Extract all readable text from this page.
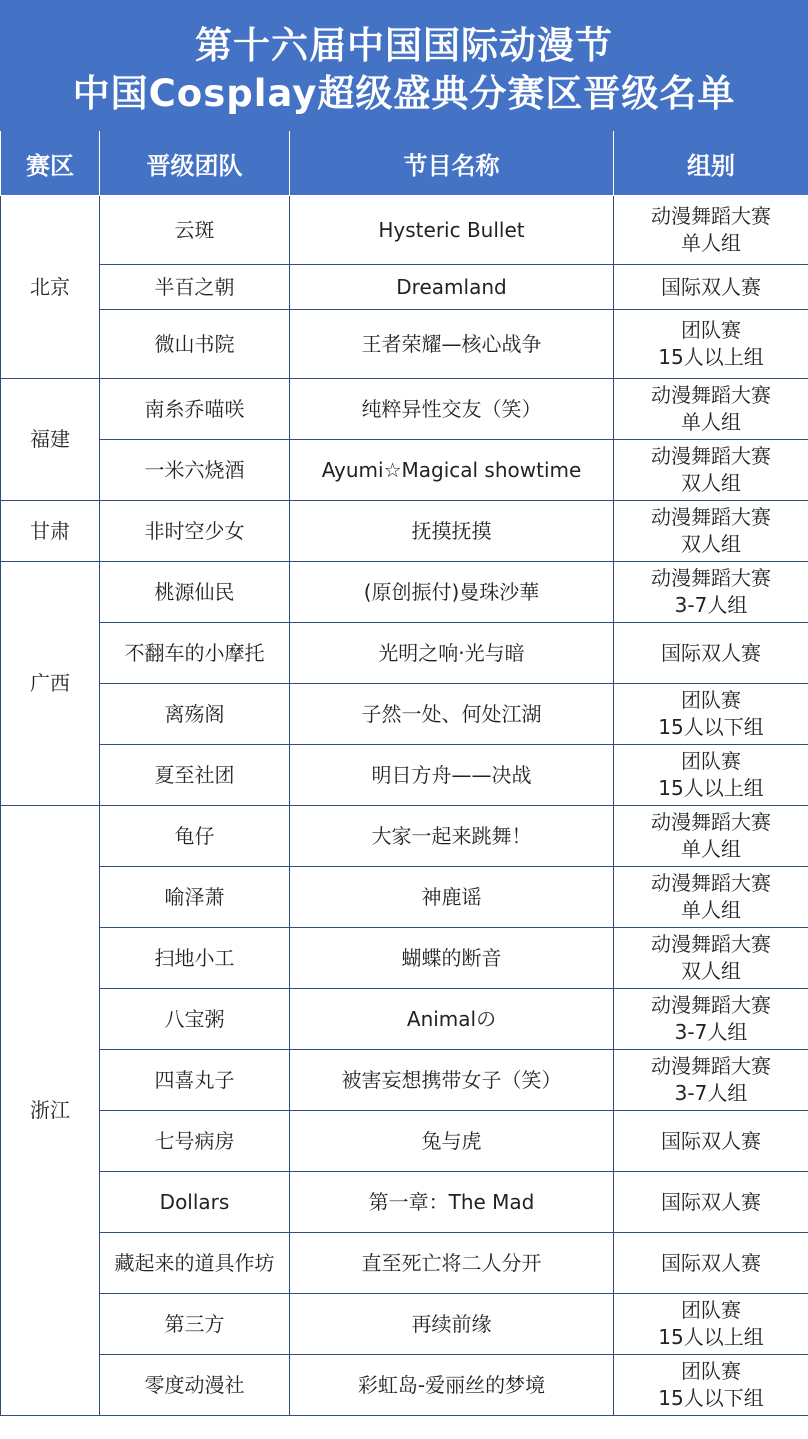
第十六届中国国际动漫节
中国Cosplay超级盛典分赛区晋级名单
赛区	晋级团队	节目名称	组别
北京	云斑	Hysteric Bullet	动漫舞蹈大赛
单人组

	半百之朝	Dreamland	国际双人赛
	微山书院	王者荣耀—核心战争	团队赛
15人以上组

福建	南糸乔喵咲	纯粹异性交友（笑）	动漫舞蹈大赛
单人组

	一米六烧酒	Ayumi☆Magical showtime	动漫舞蹈大赛
双人组

甘肃	非时空少女	抚摸抚摸	动漫舞蹈大赛
双人组

广西	桃源仙民	(原创振付)曼珠沙華	动漫舞蹈大赛
3-7人组

	不翻车的小摩托	光明之响·光与暗	国际双人赛
	离殇阁	子然一处、何处江湖	团队赛
15人以下组

	夏至社团	明日方舟——决战	团队赛
15人以上组

浙江	龟仔	大家一起来跳舞！	动漫舞蹈大赛
单人组

	喻泽萧	神鹿谣	动漫舞蹈大赛
单人组

	扫地小工	蝴蝶的断音	动漫舞蹈大赛
双人组

	八宝粥	Animalの	动漫舞蹈大赛
3-7人组

	四喜丸子	被害妄想携带女子（笑）	动漫舞蹈大赛
3-7人组

	七号病房	兔与虎	国际双人赛
	Dollars	第一章：The Mad	国际双人赛
	藏起来的道具作坊	直至死亡将二人分开	国际双人赛
	第三方	再续前缘	团队赛
15人以上组

	零度动漫社	彩虹岛-爱丽丝的梦境	团队赛
15人以下组
